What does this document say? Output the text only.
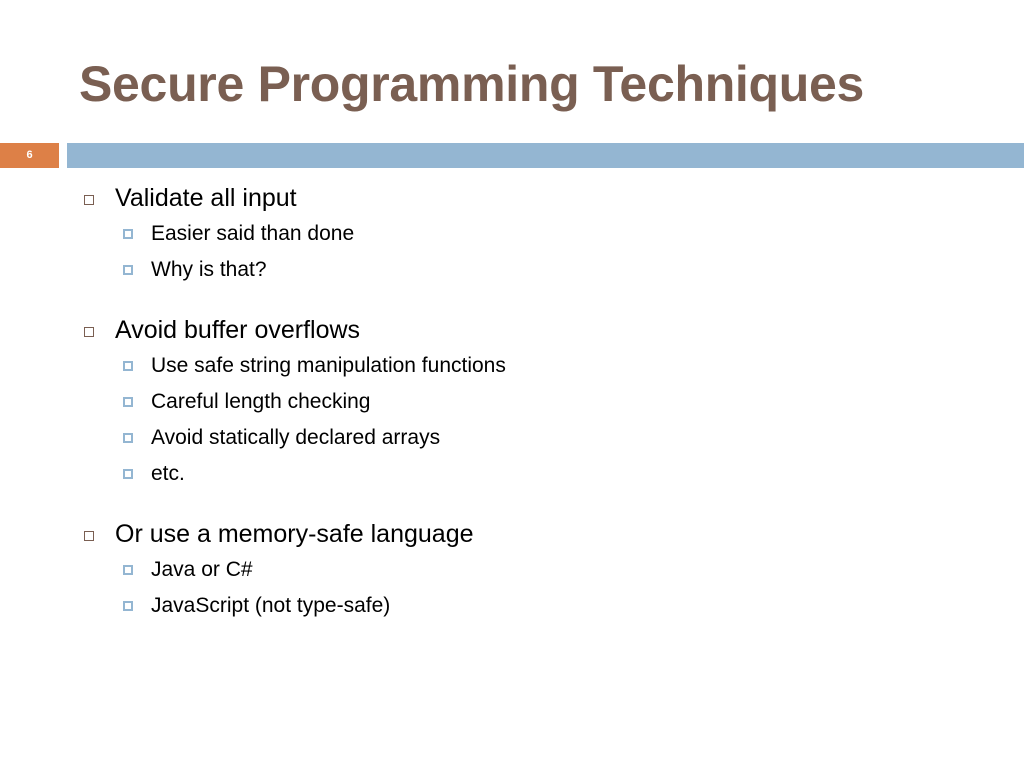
Secure Programming Techniques
6
Validate all input
Easier said than done
Why is that?
Avoid buffer overflows
Use safe string manipulation functions
Careful length checking
Avoid statically declared arrays
etc.
Or use a memory-safe language
Java or C#
JavaScript (not type-safe)
